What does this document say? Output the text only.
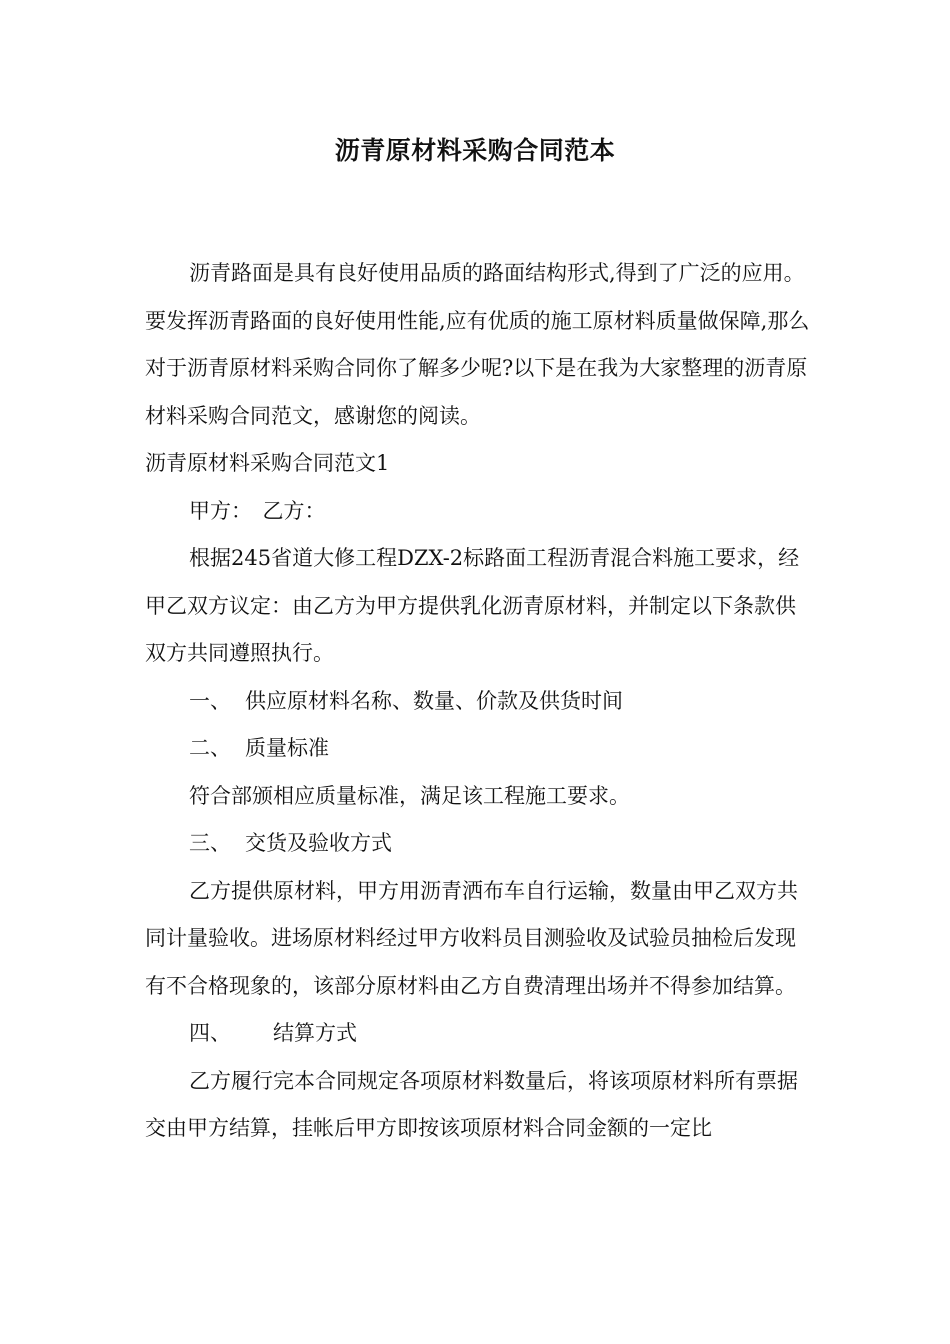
沥青原材料采购合同范本

沥青路面是具有良好使用品质的路面结构形式,得到了广泛的应用。要发挥沥青路面的良好使用性能,应有优质的施工原材料质量做保障,那么对于沥青原材料采购合同你了解多少呢?以下是在我为大家整理的沥青原材料采购合同范文，感谢您的阅读。

沥青原材料采购合同范文1

甲方：　乙方：

根据245省道大修工程DZX-2标路面工程沥青混合料施工要求，经甲乙双方议定：由乙方为甲方提供乳化沥青原材料，并制定以下条款供双方共同遵照执行。

一、 供应原材料名称、数量、价款及供货时间
二、 质量标准

符合部颁相应质量标准，满足该工程施工要求。

三、 交货及验收方式

乙方提供原材料，甲方用沥青洒布车自行运输，数量由甲乙双方共同计量验收。进场原材料经过甲方收料员目测验收及试验员抽检后发现有不合格现象的，该部分原材料由乙方自费清理出场并不得参加结算。

四、 结算方式

乙方履行完本合同规定各项原材料数量后，将该项原材料所有票据交由甲方结算，挂帐后甲方即按该项原材料合同金额的一定比
